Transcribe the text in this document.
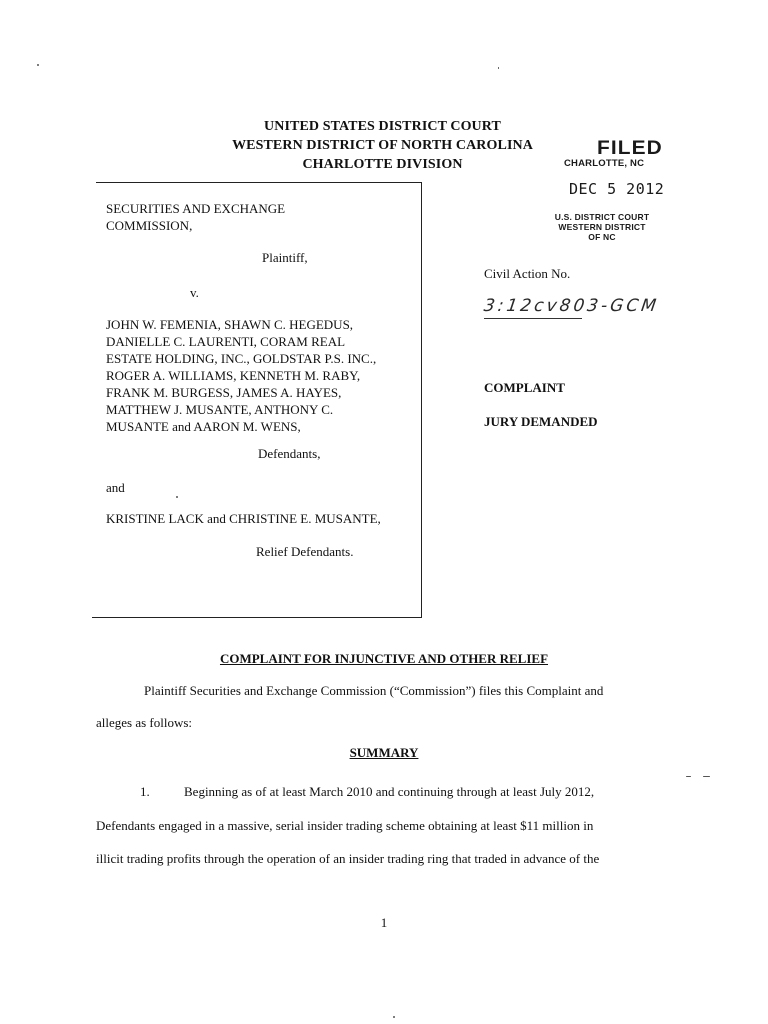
UNITED STATES DISTRICT COURT
WESTERN DISTRICT OF NORTH CAROLINA
CHARLOTTE DIVISION
FILED
CHARLOTTE, NC
DEC 5 2012
U.S. DISTRICT COURT
WESTERN DISTRICT OF NC
SECURITIES AND EXCHANGE
COMMISSION,
Plaintiff,
v.
JOHN W. FEMENIA, SHAWN C. HEGEDUS,
DANIELLE C. LAURENTI, CORAM REAL
ESTATE HOLDING, INC., GOLDSTAR P.S. INC.,
ROGER A. WILLIAMS, KENNETH M. RABY,
FRANK M. BURGESS, JAMES A. HAYES,
MATTHEW J. MUSANTE, ANTHONY C.
MUSANTE and AARON M. WENS,
Defendants,
and
KRISTINE LACK and CHRISTINE E. MUSANTE,
Relief Defendants.
Civil Action No.
3:12cv803-GCM
COMPLAINT
JURY DEMANDED
COMPLAINT FOR INJUNCTIVE AND OTHER RELIEF
Plaintiff Securities and Exchange Commission (“Commission”) files this Complaint and
alleges as follows:
SUMMARY
1.	Beginning as of at least March 2010 and continuing through at least July 2012,
Defendants engaged in a massive, serial insider trading scheme obtaining at least $11 million in
illicit trading profits through the operation of an insider trading ring that traded in advance of the
1
